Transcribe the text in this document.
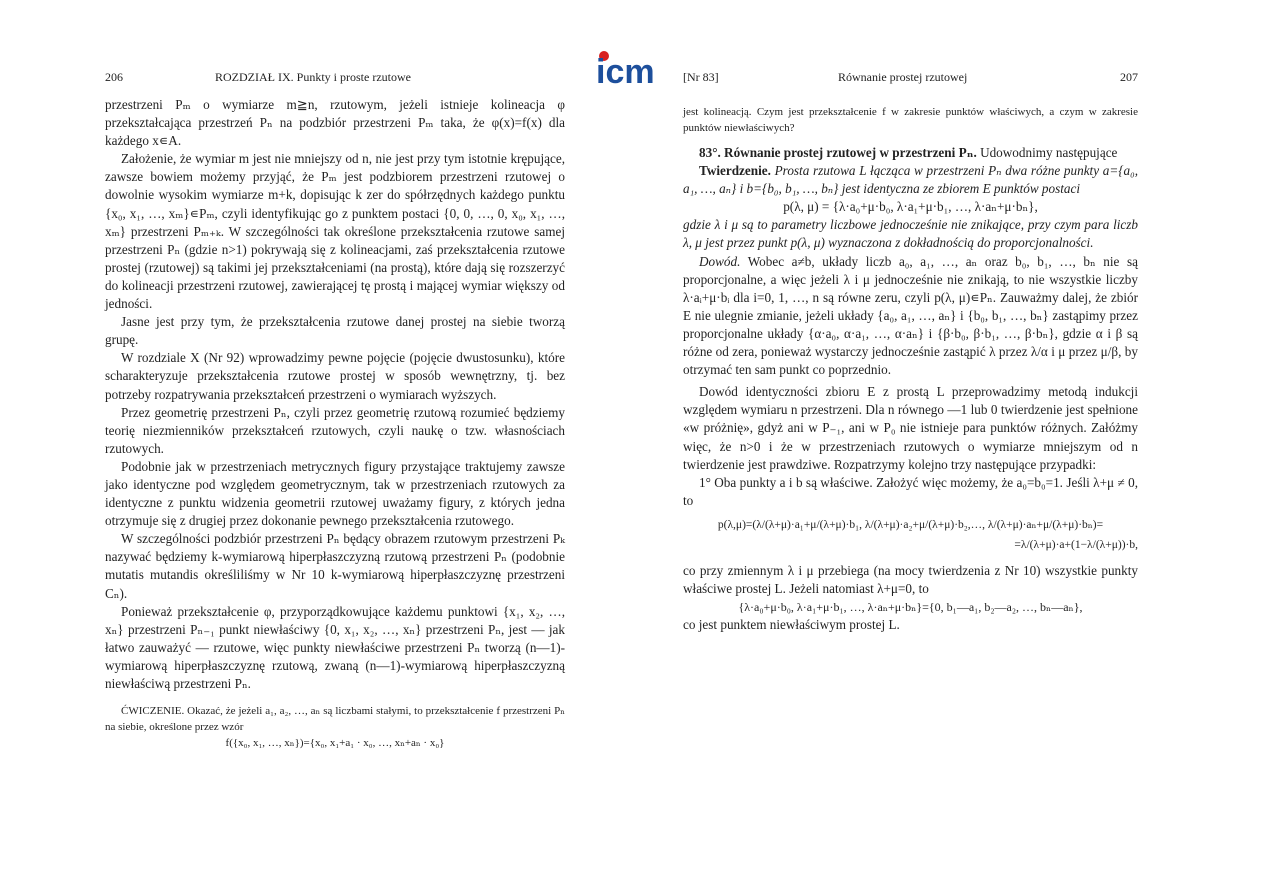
icm
206	ROZDZIAŁ IX. Punkty i proste rzutowe

przestrzeni Pₘ o wymiarze m≧n, rzutowym, jeżeli istnieje kolineacja φ przekształcająca przestrzeń Pₙ na podzbiór przestrzeni Pₘ taka, że φ(x)=f(x) dla każdego x∊A.

Założenie, że wymiar m jest nie mniejszy od n, nie jest przy tym istotnie krępujące, zawsze bowiem możemy przyjąć, że Pₘ jest podzbiorem przestrzeni rzutowej o dowolnie wysokim wymiarze m+k, dopisując k zer do spółrzędnych każdego punktu {x₀, x₁, …, xₘ}∊Pₘ, czyli identyfikując go z punktem postaci {0, 0, …, 0, x₀, x₁, …, xₘ} przestrzeni Pₘ₊ₖ. W szczególności tak określone przekształcenia rzutowe samej przestrzeni Pₙ (gdzie n>1) pokrywają się z kolineacjami, zaś przekształcenia rzutowe prostej (rzutowej) są takimi jej przekształceniami (na prostą), które dają się rozszerzyć do kolineacji przestrzeni rzutowej, zawierającej tę prostą i mającej wymiar większy od jedności.

Jasne jest przy tym, że przekształcenia rzutowe danej prostej na siebie tworzą grupę.

W rozdziale X (Nr 92) wprowadzimy pewne pojęcie (pojęcie dwustosunku), które scharakteryzuje przekształcenia rzutowe prostej w sposób wewnętrzny, tj. bez potrzeby rozpatrywania przekształceń przestrzeni o wymiarach wyższych.

Przez geometrię przestrzeni Pₙ, czyli przez geometrię rzutową rozumieć będziemy teorię niezmienników przekształceń rzutowych, czyli naukę o tzw. własnościach rzutowych.

Podobnie jak w przestrzeniach metrycznych figury przystające traktujemy zawsze jako identyczne pod względem geometrycznym, tak w przestrzeniach rzutowych za identyczne z punktu widzenia geometrii rzutowej uważamy figury, z których jedna otrzymuje się z drugiej przez dokonanie pewnego przekształcenia rzutowego.

W szczególności podzbiór przestrzeni Pₙ będący obrazem rzutowym przestrzeni Pₖ nazywać będziemy k-wymiarową hiperpłaszczyzną rzutową przestrzeni Pₙ (podobnie mutatis mutandis określiliśmy w Nr 10 k-wymiarową hiperpłaszczyznę przestrzeni Cₙ).

Ponieważ przekształcenie φ, przyporządkowujące każdemu punktowi {x₁, x₂, …, xₙ} przestrzeni Pₙ₋₁ punkt niewłaściwy {0, x₁, x₂, …, xₙ} przestrzeni Pₙ, jest — jak łatwo zauważyć — rzutowe, więc punkty niewłaściwe przestrzeni Pₙ tworzą (n—1)-wymiarową hiperpłaszczyznę rzutową, zwaną (n—1)-wymiarową hiperpłaszczyzną niewłaściwą przestrzeni Pₙ.

ĆWICZENIE. Okazać, że jeżeli a₁, a₂, …, aₙ są liczbami stałymi, to przekształcenie f przestrzeni Pₙ na siebie, określone przez wzór

f({x₀, x₁, …, xₙ})={x₀, x₁+a₁ · x₀, …, xₙ+aₙ · x₀}

[Nr 83]	Równanie prostej rzutowej	207

jest kolineacją. Czym jest przekształcenie f w zakresie punktów właściwych, a czym w zakresie punktów niewłaściwych?

83°. Równanie prostej rzutowej w przestrzeni Pₙ. Udowodnimy następujące

Twierdzenie. Prosta rzutowa L łącząca w przestrzeni Pₙ dwa różne punkty a={a₀, a₁, …, aₙ} i b={b₀, b₁, …, bₙ} jest identyczna ze zbiorem E punktów postaci

p(λ, μ) = {λ·a₀+μ·b₀, λ·a₁+μ·b₁, …, λ·aₙ+μ·bₙ},

gdzie λ i μ są to parametry liczbowe jednocześnie nie znikające, przy czym para liczb λ, μ jest przez punkt p(λ, μ) wyznaczona z dokładnością do proporcjonalności.

Dowód. Wobec a≠b, układy liczb a₀, a₁, …, aₙ oraz b₀, b₁, …, bₙ nie są proporcjonalne, a więc jeżeli λ i μ jednocześnie nie znikają, to nie wszystkie liczby λ·aᵢ+μ·bᵢ dla i=0, 1, …, n są równe zeru, czyli p(λ, μ)∊Pₙ. Zauważmy dalej, że zbiór E nie ulegnie zmianie, jeżeli układy {a₀, a₁, …, aₙ} i {b₀, b₁, …, bₙ} zastąpimy przez proporcjonalne układy {α·a₀, α·a₁, …, α·aₙ} i {β·b₀, β·b₁, …, β·bₙ}, gdzie α i β są różne od zera, ponieważ wystarczy jednocześnie zastąpić λ przez λ/α i μ przez μ/β, by otrzymać ten sam punkt co poprzednio.

Dowód identyczności zbioru E z prostą L przeprowadzimy metodą indukcji względem wymiaru n przestrzeni. Dla n równego —1 lub 0 twierdzenie jest spełnione «w próżnię», gdyż ani w P₋₁, ani w P₀ nie istnieje para punktów różnych. Załóżmy więc, że n>0 i że w przestrzeniach rzutowych o wymiarze mniejszym od n twierdzenie jest prawdziwe. Rozpatrzymy kolejno trzy następujące przypadki:

1° Oba punkty a i b są właściwe. Założyć więc możemy, że a₀=b₀=1. Jeśli λ+μ ≠ 0, to

p(λ,μ)=(λ/(λ+μ)·a₁+μ/(λ+μ)·b₁, λ/(λ+μ)·a₂+μ/(λ+μ)·b₂,…, λ/(λ+μ)·aₙ+μ/(λ+μ)·bₙ)=

=λ/(λ+μ)·a+(1−λ/(λ+μ))·b,

co przy zmiennym λ i μ przebiega (na mocy twierdzenia z Nr 10) wszystkie punkty właściwe prostej L. Jeżeli natomiast λ+μ=0, to

{λ·a₀+μ·b₀, λ·a₁+μ·b₁, …, λ·aₙ+μ·bₙ}={0, b₁—a₁, b₂—a₂, …, bₙ—aₙ},

co jest punktem niewłaściwym prostej L.
